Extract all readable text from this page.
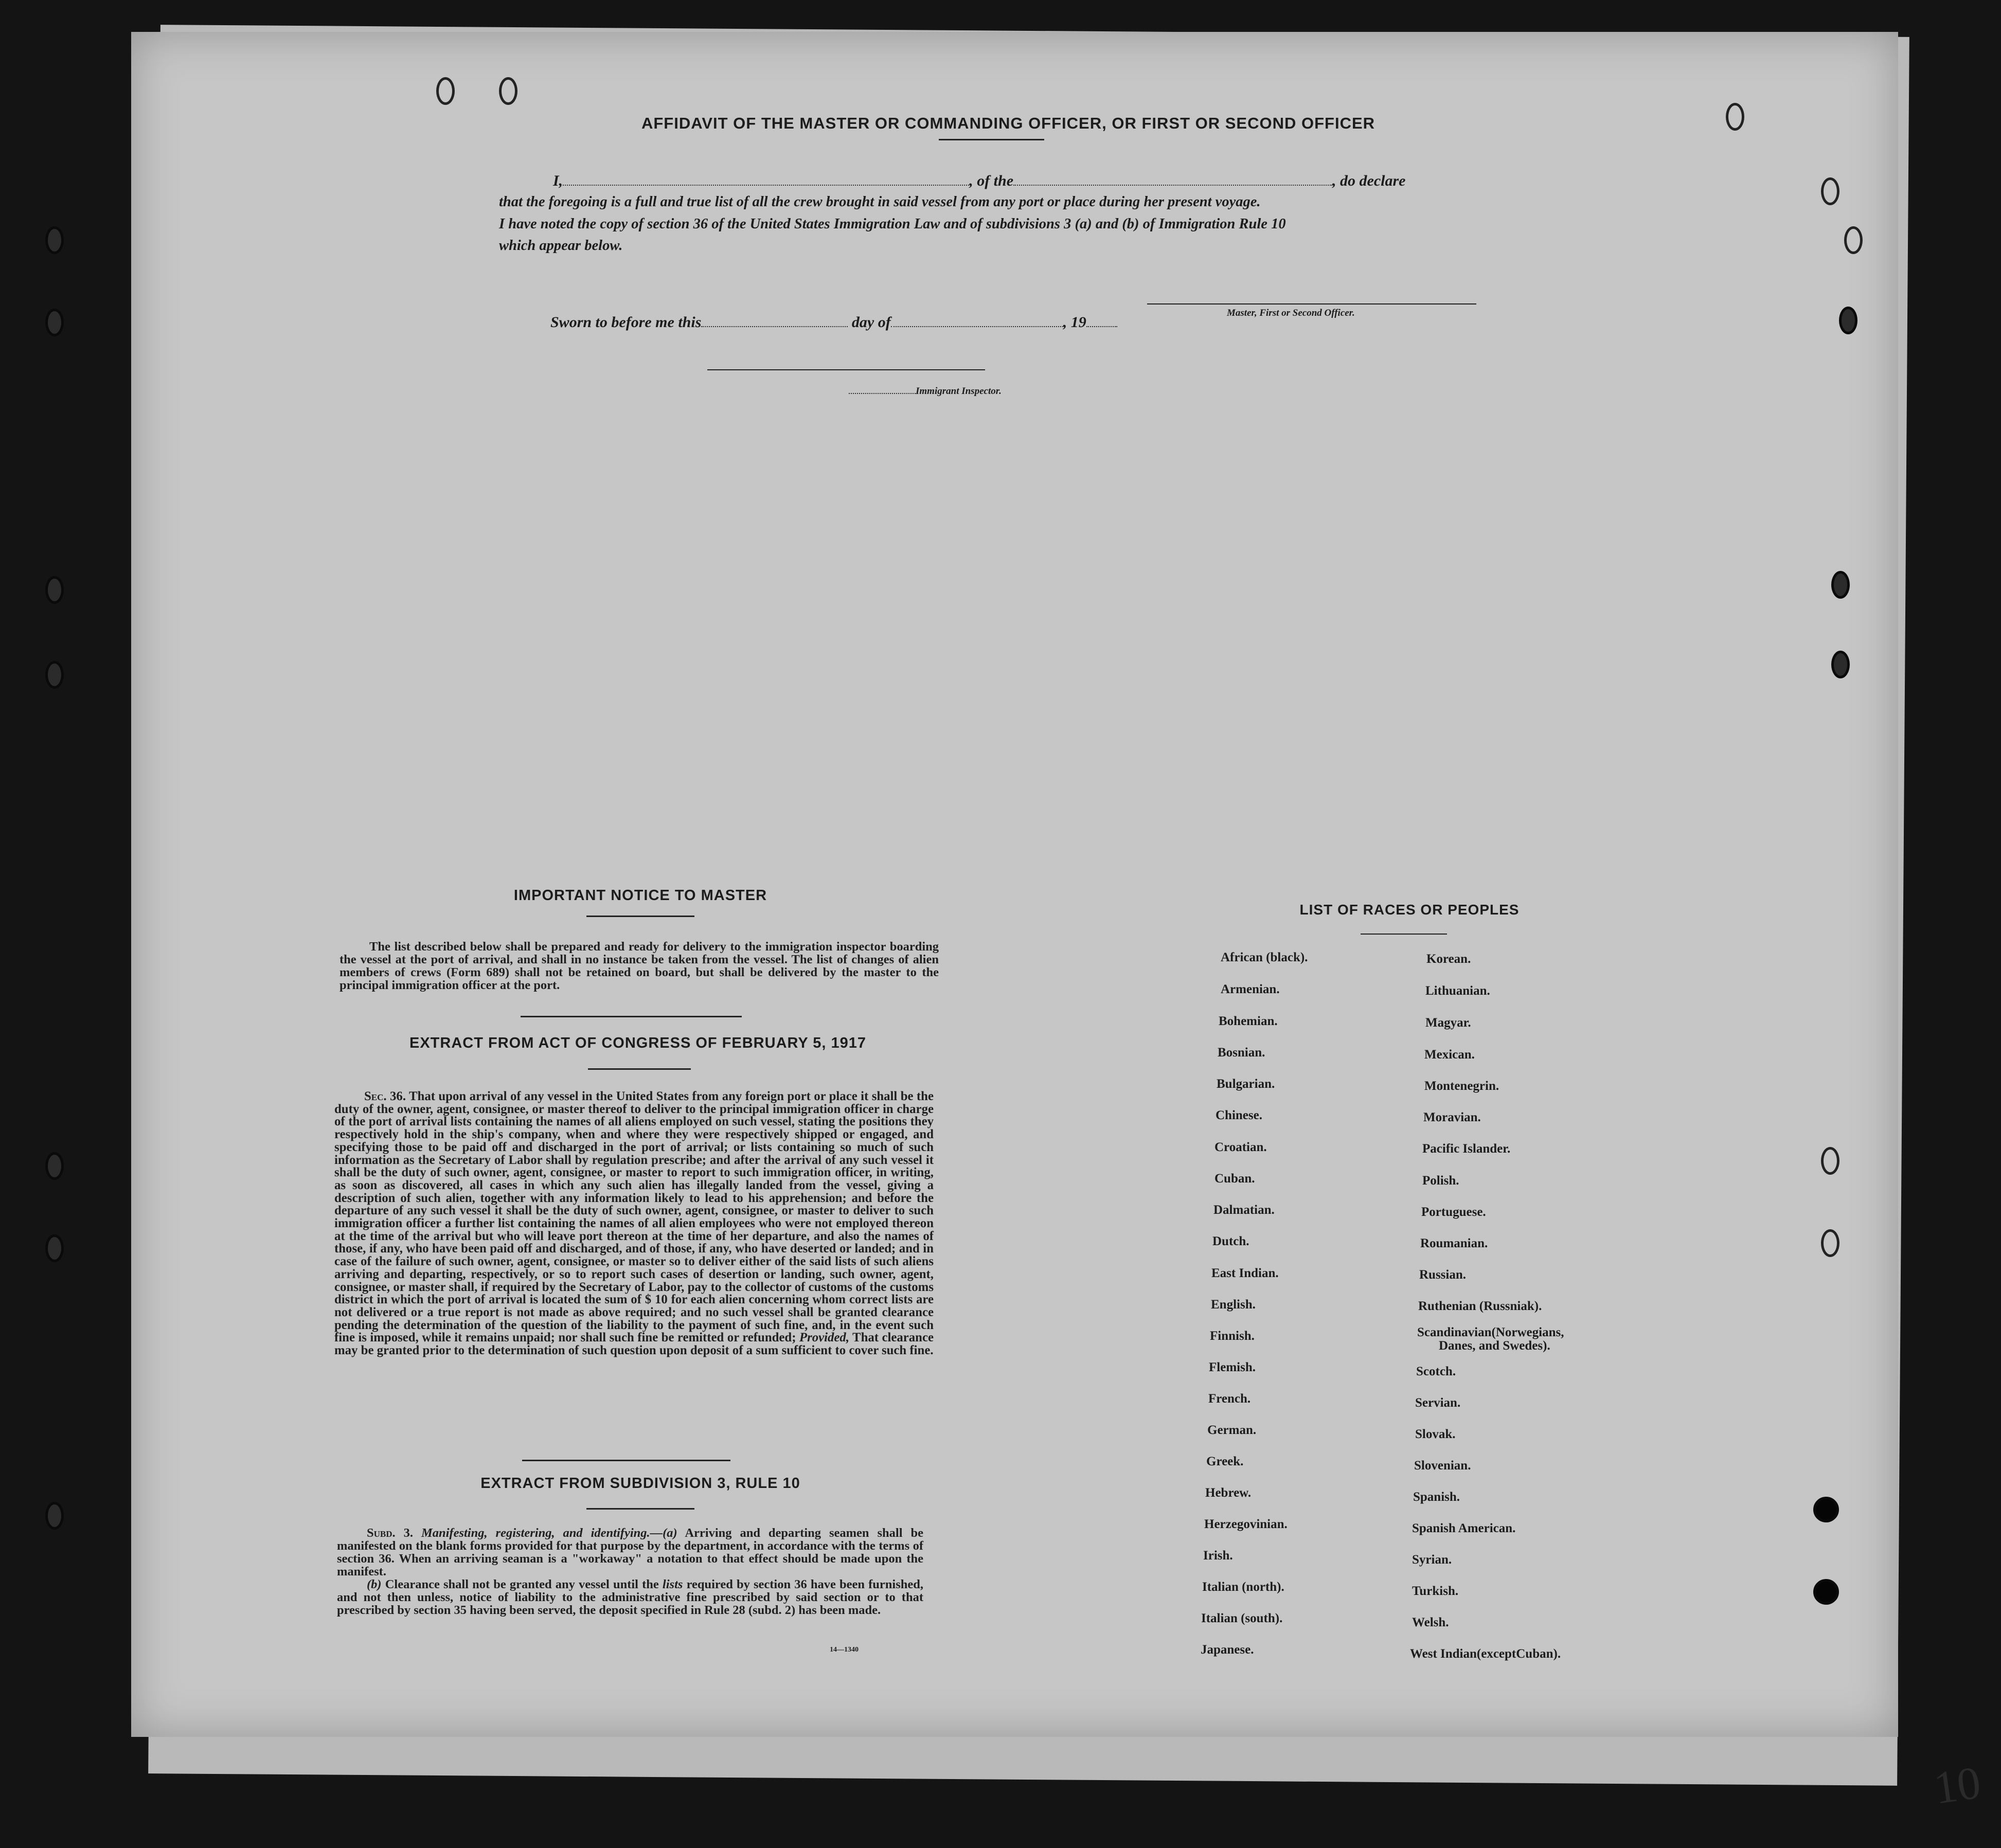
AFFIDAVIT OF THE MASTER OR COMMANDING OFFICER, OR FIRST OR SECOND OFFICER
I,	, of the	, do declare
that the foregoing is a full and true list of all the crew brought in said vessel from any port or place during her present voyage.
I have noted the copy of section 36 of the United States Immigration Law and of subdivisions 3 (a) and (b) of Immigration Rule 10
which appear below.
Master, First or Second Officer.
Sworn to before me this	day of	, 19
Immigrant Inspector.
IMPORTANT NOTICE TO MASTER
The list described below shall be prepared and ready for delivery to the immigration inspector boarding the vessel at the port of arrival, and shall in no instance be taken from the vessel. The list of changes of alien members of crews (Form 689) shall not be retained on board, but shall be delivered by the master to the principal immigration officer at the port.
EXTRACT FROM ACT OF CONGRESS OF FEBRUARY 5, 1917
Sec. 36. That upon arrival of any vessel in the United States from any foreign port or place it shall be the duty of the owner, agent, consignee, or master thereof to deliver to the principal immigration officer in charge of the port of arrival lists containing the names of all aliens employed on such vessel, stating the positions they respectively hold in the ship's company, when and where they were respectively shipped or engaged, and specifying those to be paid off and discharged in the port of arrival; or lists containing so much of such information as the Secretary of Labor shall by regulation prescribe; and after the arrival of any such vessel it shall be the duty of such owner, agent, consignee, or master to report to such immigration officer, in writing, as soon as discovered, all cases in which any such alien has illegally landed from the vessel, giving a description of such alien, together with any information likely to lead to his apprehension; and before the departure of any such vessel it shall be the duty of such owner, agent, consignee, or master to deliver to such immigration officer a further list containing the names of all alien employees who were not employed thereon at the time of the arrival but who will leave port thereon at the time of her departure, and also the names of those, if any, who have been paid off and discharged, and of those, if any, who have deserted or landed; and in case of the failure of such owner, agent, consignee, or master so to deliver either of the said lists of such aliens arriving and departing, respectively, or so to report such cases of desertion or landing, such owner, agent, consignee, or master shall, if required by the Secretary of Labor, pay to the collector of customs of the customs district in which the port of arrival is located the sum of $ 10 for each alien concerning whom correct lists are not delivered or a true report is not made as above required; and no such vessel shall be granted clearance pending the determination of the question of the liability to the payment of such fine, and, in the event such fine is imposed, while it remains unpaid; nor shall such fine be remitted or refunded; Provided, That clearance may be granted prior to the determination of such question upon deposit of a sum sufficient to cover such fine.
EXTRACT FROM SUBDIVISION 3, RULE 10
Subd. 3. Manifesting, registering, and identifying.—(a) Arriving and departing seamen shall be manifested on the blank forms provided for that purpose by the department, in accordance with the terms of section 36. When an arriving seaman is a "workaway" a notation to that effect should be made upon the manifest.
(b) Clearance shall not be granted any vessel until the lists required by section 36 have been furnished, and not then unless, notice of liability to the administrative fine prescribed by said section or to that prescribed by section 35 having been served, the deposit specified in Rule 28 (subd. 2) has been made.
14—1340
LIST OF RACES OR PEOPLES
African (black).
Armenian.
Bohemian.
Bosnian.
Bulgarian.
Chinese.
Croatian.
Cuban.
Dalmatian.
Dutch.
East Indian.
English.
Finnish.
Flemish.
French.
German.
Greek.
Hebrew.
Herzegovinian.
Irish.
Italian (north).
Italian (south).
Japanese.
Korean.
Lithuanian.
Magyar.
Mexican.
Montenegrin.
Moravian.
Pacific Islander.
Polish.
Portuguese.
Roumanian.
Russian.
Ruthenian (Russniak).
Scandinavian(Norwegians,
Danes, and Swedes).
Scotch.
Servian.
Slovak.
Slovenian.
Spanish.
Spanish American.
Syrian.
Turkish.
Welsh.
West Indian(exceptCuban).
10
